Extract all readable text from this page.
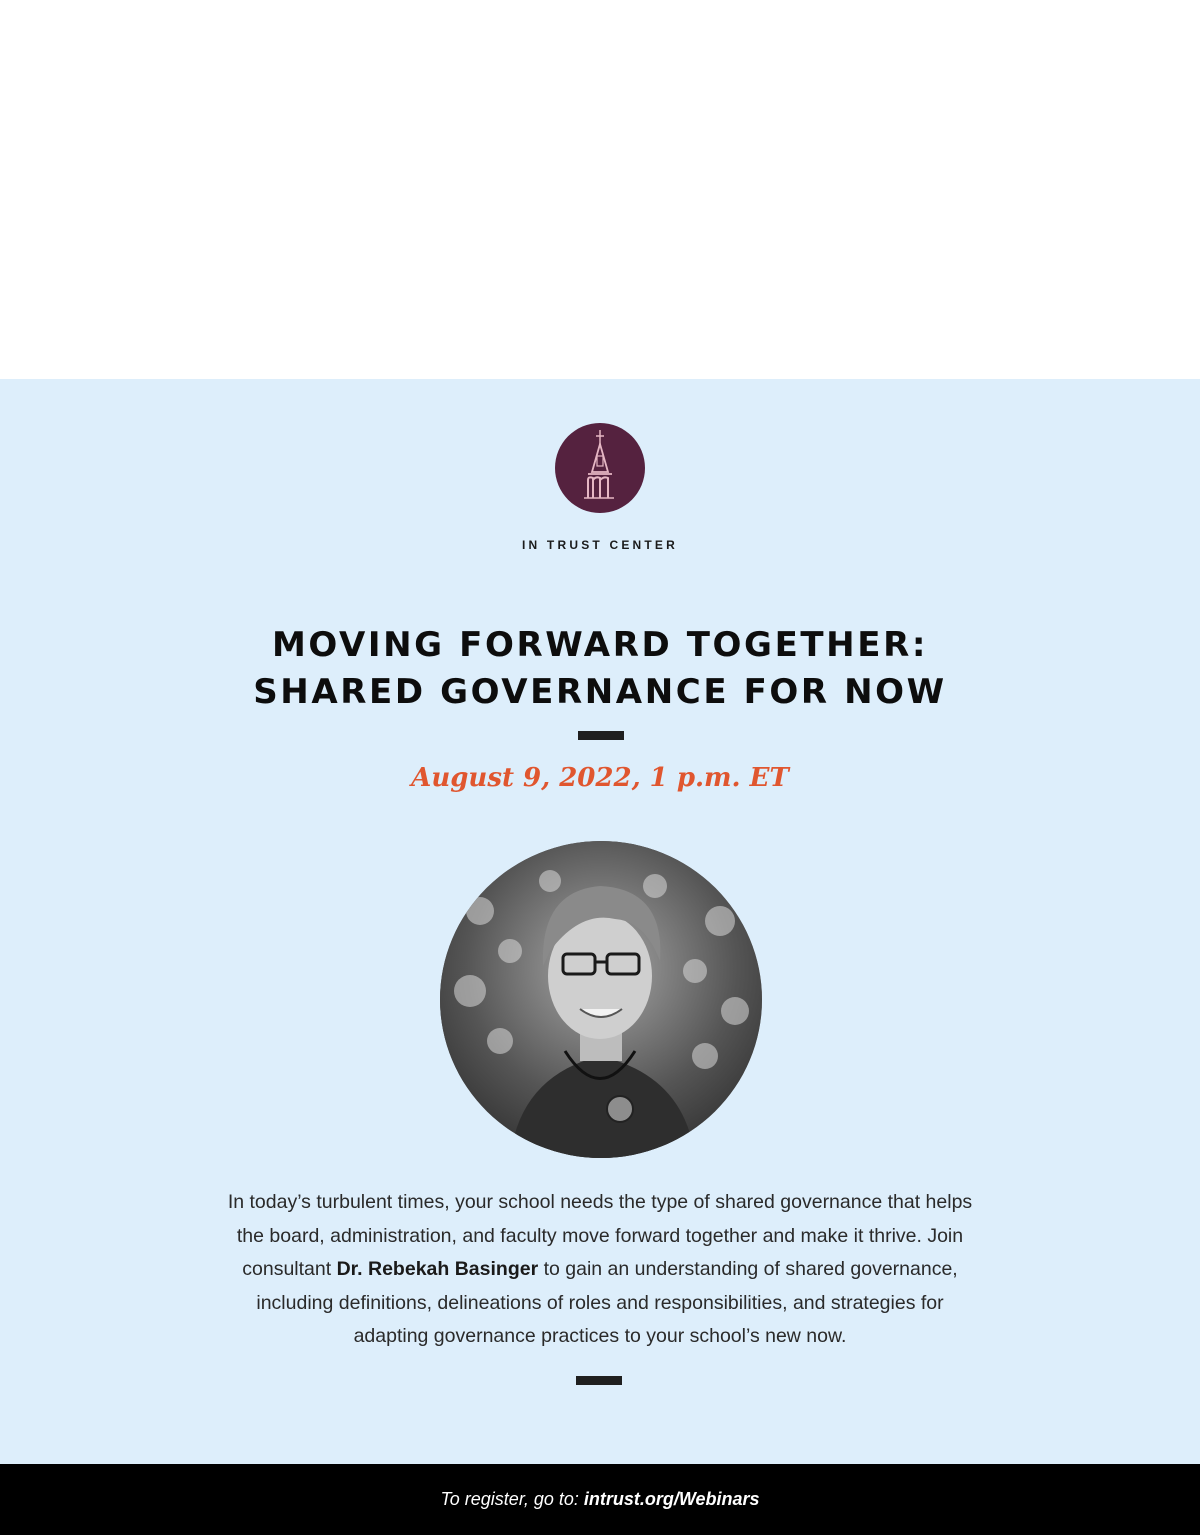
IN TRUST CENTER
MOVING FORWARD TOGETHER:
SHARED GOVERNANCE FOR NOW
August 9, 2022, 1 p.m. ET

In today’s turbulent times, your school needs the type of shared governance that helps the board, administration, and faculty move forward together and make it thrive. Join consultant Dr. Rebekah Basinger to gain an understanding of shared governance, including definitions, delineations of roles and responsibilities, and strategies for adapting governance practices to your school’s new now.

To register, go to: intrust.org/Webinars
